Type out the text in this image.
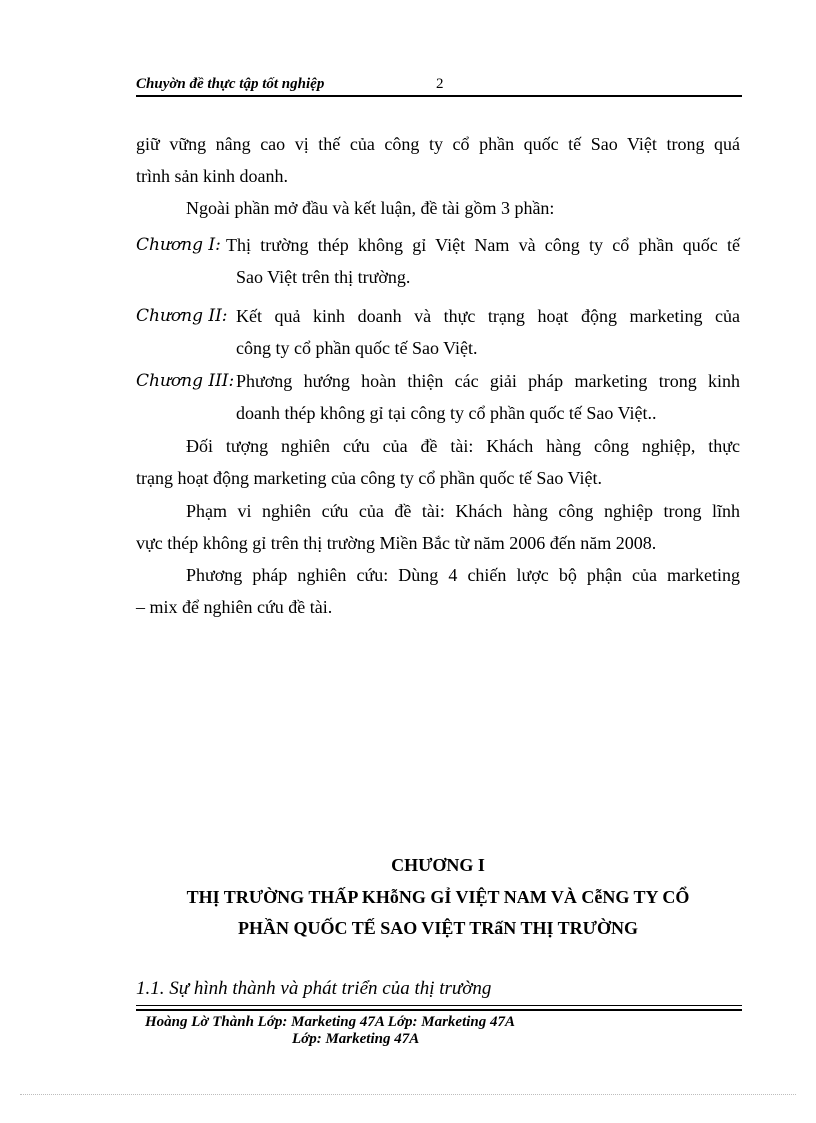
Chuyờn đề thực tập tốt nghiệp	2
giữ vững nâng cao vị thế của công ty cổ phần quốc tế Sao Việt trong quá
trình sản kinh doanh.
Ngoài phần mở đầu và kết luận, đề tài gồm 3 phần:
Chương I: Thị trường thép không gỉ Việt Nam và công ty cổ phần quốc tế
Sao Việt trên thị trường.
Chương II: Kết quả kinh doanh và thực trạng hoạt động marketing của
công ty cổ phần quốc tế Sao Việt.
Chương III: Phương hướng hoàn thiện các giải pháp marketing trong kinh
doanh thép không gỉ tại công ty cổ phần quốc tế Sao Việt..
Đối tượng nghiên cứu của đề tài: Khách hàng công nghiệp, thực
trạng hoạt động marketing của công ty cổ phần quốc tế Sao Việt.
Phạm vi nghiên cứu của đề tài: Khách hàng công nghiệp trong lĩnh
vực thép không gỉ trên thị trường Miền Bắc từ năm 2006 đến năm 2008.
Phương pháp nghiên cứu: Dùng 4 chiến lược bộ phận của marketing
– mix để nghiên cứu đề tài.
CHƯƠNG I
THỊ TRƯỜNG THẤP KHỗNG GỈ VIỆT NAM VÀ CễNG TY CỔ
PHẦN QUỐC TẾ SAO VIỆT TRấN THỊ TRƯỜNG
1.1. Sự hình thành và phát triển của thị trường
Hoàng Lờ Thành Lớp: Marketing 47A Lớp: Marketing 47A
Lớp: Marketing 47A
